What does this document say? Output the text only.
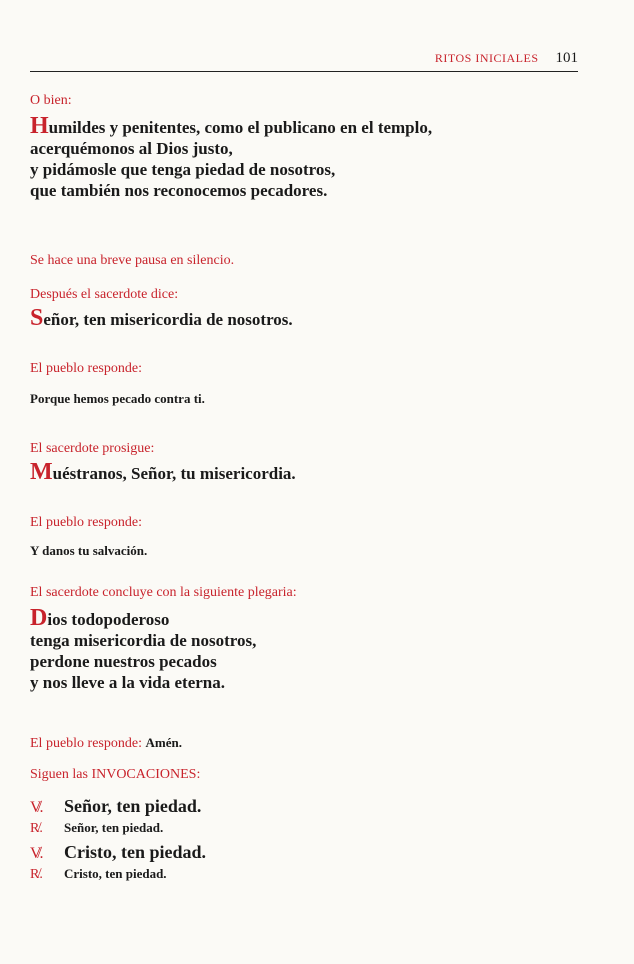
RITOS INICIALES 101
O bien:
Humildes y penitentes, como el publicano en el templo,
acerquémonos al Dios justo,
y pidámosle que tenga piedad de nosotros,
que también nos reconocemos pecadores.
Se hace una breve pausa en silencio.
Después el sacerdote dice:
Señor, ten misericordia de nosotros.
El pueblo responde:
Porque hemos pecado contra ti.
El sacerdote prosigue:
Muéstranos, Señor, tu misericordia.
El pueblo responde:
Y danos tu salvación.
El sacerdote concluye con la siguiente plegaria:
Dios todopoderoso
tenga misericordia de nosotros,
perdone nuestros pecados
y nos lleve a la vida eterna.
El pueblo responde: Amén.
Siguen las INVOCACIONES:
V̸.	Señor, ten piedad.
R̸.	Señor, ten piedad.
V̸.	Cristo, ten piedad.
R̸.	Cristo, ten piedad.
